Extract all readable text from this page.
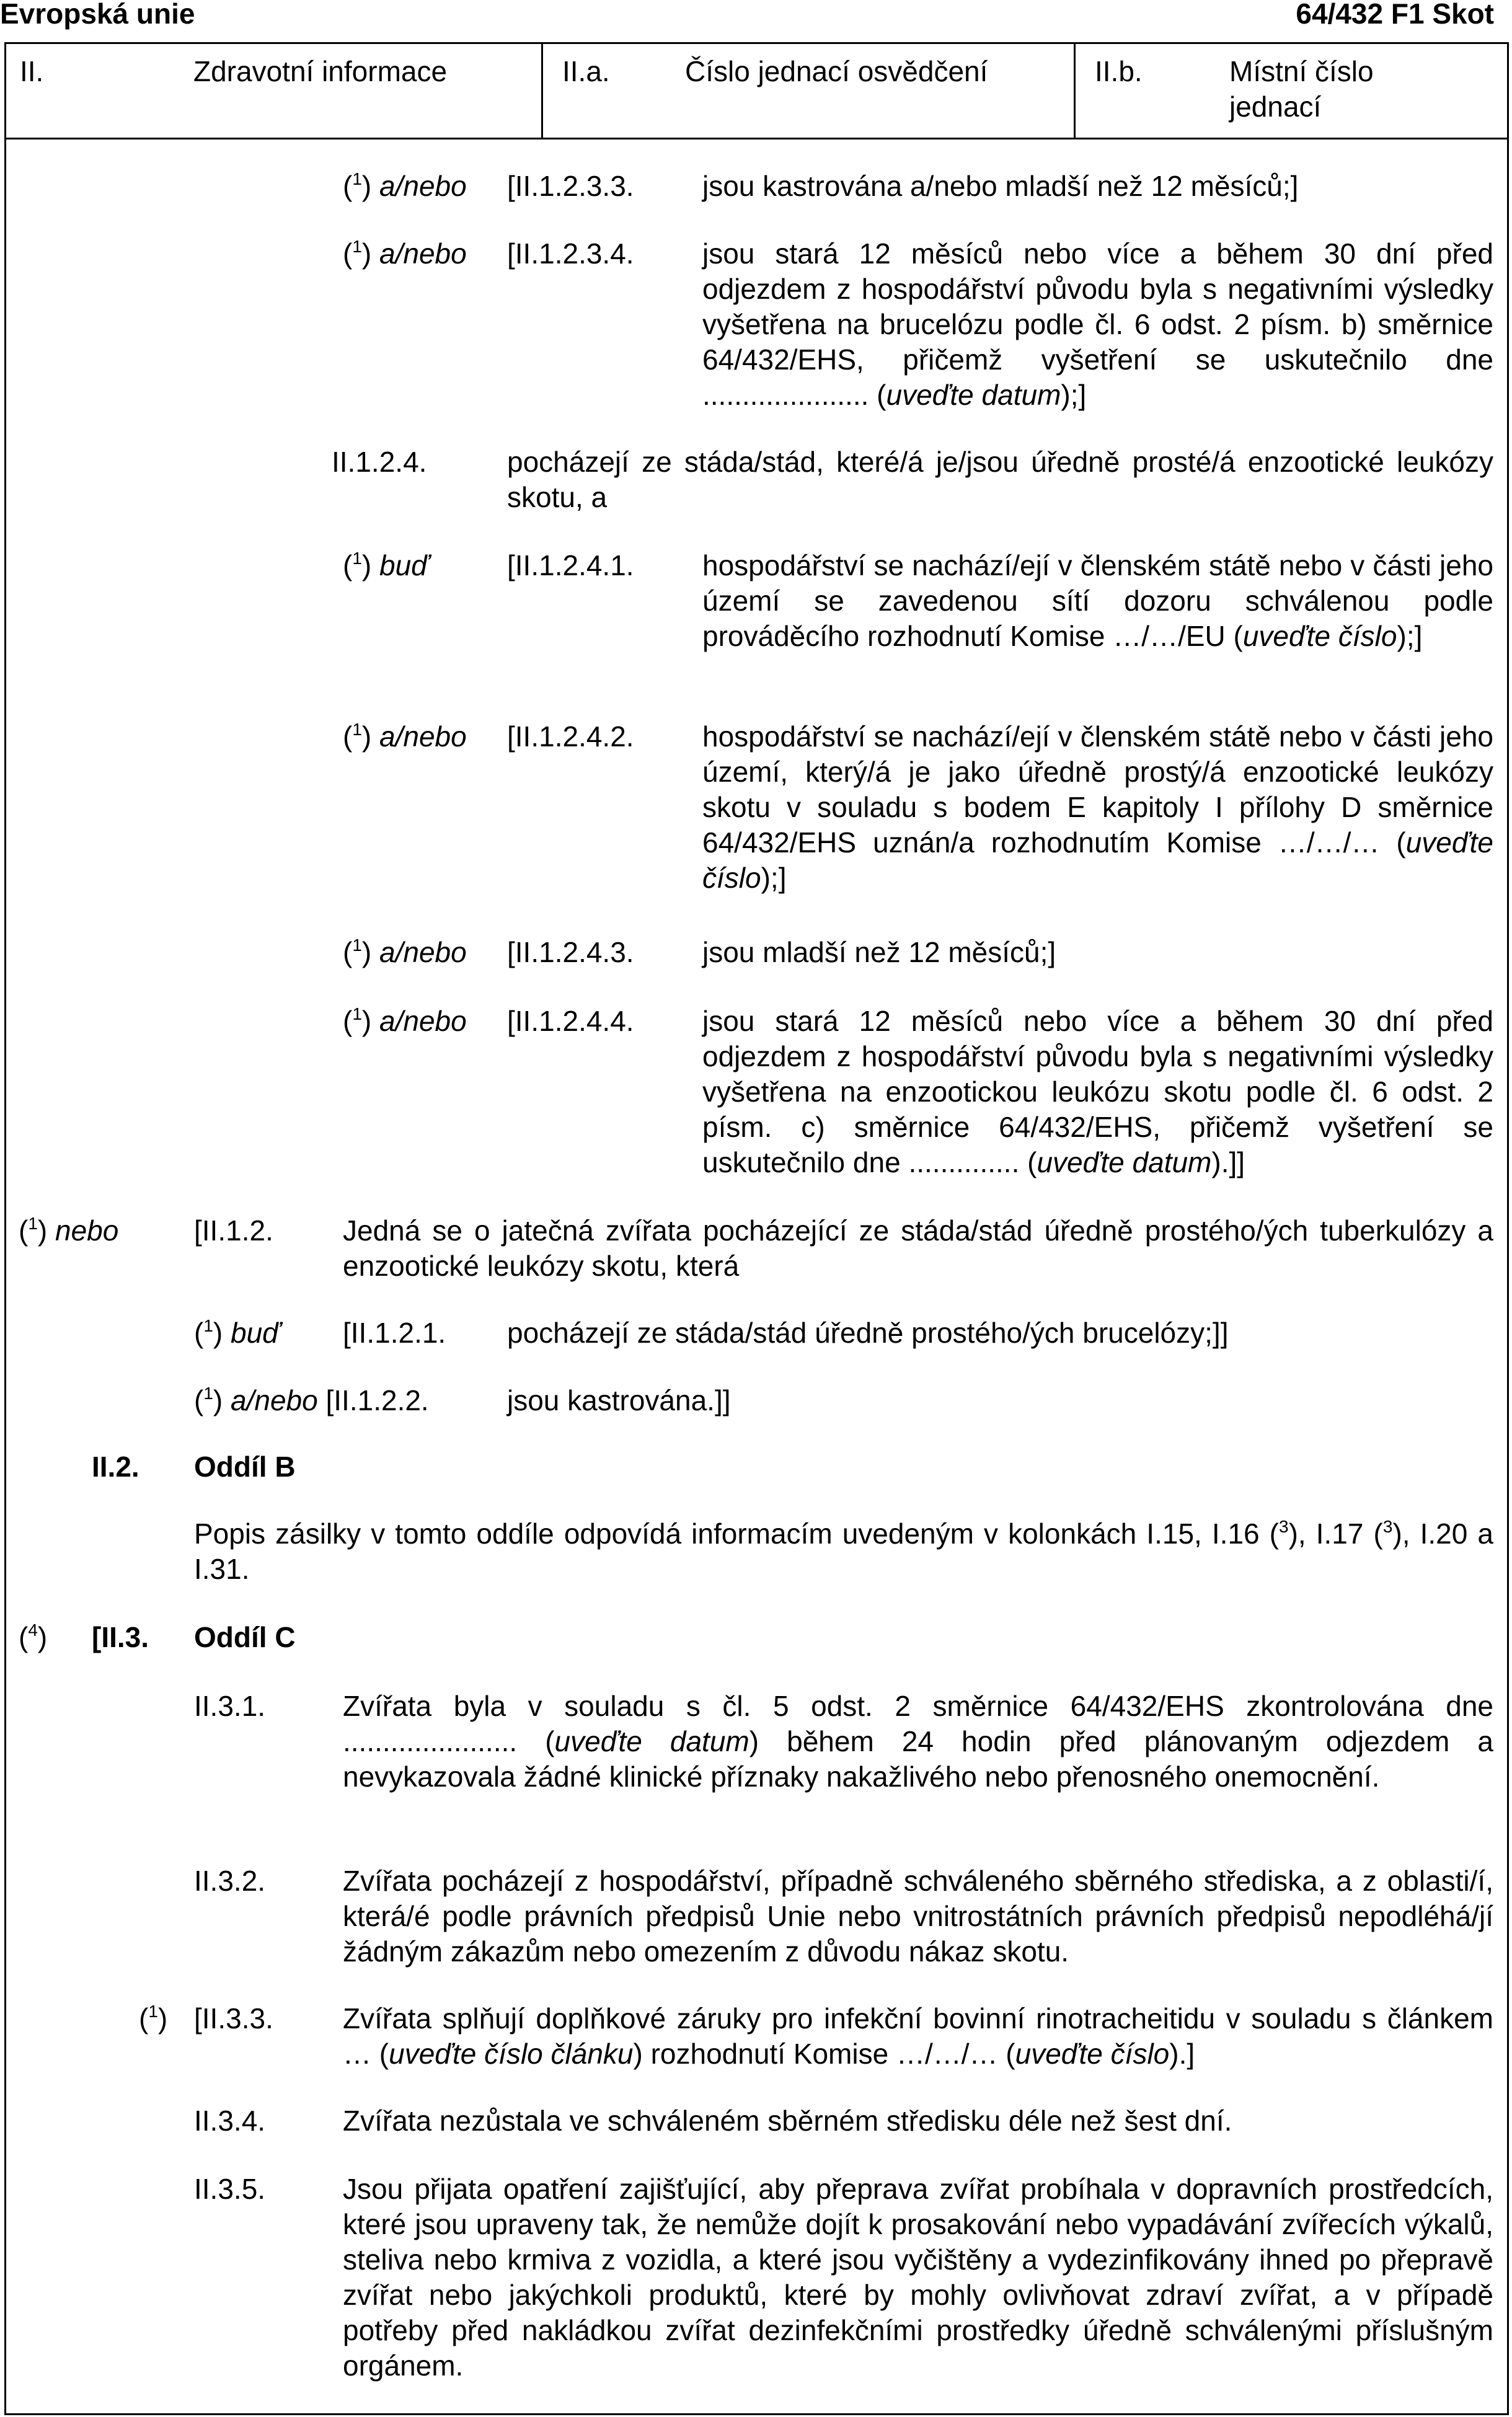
Evropská unie	64/432 F1 Skot
II.	Zdravotní informace	II.a.	Číslo jednací osvědčení	II.b.	Místní číslo
jednací
($^1$) a/nebo [II.1.2.3.3. jsou kastrována a/nebo mladší než 12 měsíců;]
($^1$) a/nebo [II.1.2.3.4. jsou stará 12 měsíců nebo více a během 30 dní před odjezdem z hospodářství původu byla s negativními výsledky vyšetřena na brucelózu podle čl. 6 odst. 2 písm. b) směrnice 64/432/EHS, přičemž vyšetření se uskutečnilo dne ..................... (uveďte datum);]
II.1.2.4.	pocházejí ze stáda/stád, které/á je/jsou úředně prosté/á enzootické leukózy skotu, a
($^1$) buď	[II.1.2.4.1. hospodářství se nachází/ejí v členském státě nebo v části jeho území se zavedenou sítí dozoru schválenou podle prováděcího rozhodnutí Komise …/…/EU (uveďte číslo);]
($^1$) a/nebo [II.1.2.4.2. hospodářství se nachází/ejí v členském státě nebo v části jeho území, který/á je jako úředně prostý/á enzootické leukózy skotu v souladu s bodem E kapitoly I přílohy D směrnice 64/432/EHS uznán/a rozhodnutím Komise …/…/… (uveďte číslo);]
($^1$) a/nebo [II.1.2.4.3. jsou mladší než 12 měsíců;]
($^1$) a/nebo [II.1.2.4.4. jsou stará 12 měsíců nebo více a během 30 dní před odjezdem z hospodářství původu byla s negativními výsledky vyšetřena na enzootickou leukózu skotu podle čl. 6 odst. 2 písm. c) směrnice 64/432/EHS, přičemž vyšetření se uskutečnilo dne .............. (uveďte datum).]]
($^1$) nebo	[II.1.2. Jedná se o jatečná zvířata pocházející ze stáda/stád úředně prostého/ých tuberkulózy a enzootické leukózy skotu, která
($^1$) buď [II.1.2.1. pocházejí ze stáda/stád úředně prostého/ých brucelózy;]]
($^1$) a/nebo [II.1.2.2.	jsou kastrována.]]
II.2. Oddíl B
Popis zásilky v tomto oddíle odpovídá informacím uvedeným v kolonkách I.15, I.16 ($^3$), I.17 ($^3$), I.20 a I.31.
($^4$) [II.3. Oddíl C
II.3.1.	Zvířata byla v souladu s čl. 5 odst. 2 směrnice 64/432/EHS zkontrolována dne ...................... (uveďte datum) během 24 hodin před plánovaným odjezdem a nevykazovala žádné klinické příznaky nakažlivého nebo přenosného onemocnění.
II.3.2.	Zvířata pocházejí z hospodářství, případně schváleného sběrného střediska, a z oblasti/í, která/é podle právních předpisů Unie nebo vnitrostátních právních předpisů nepodléhá/jí žádným zákazům nebo omezením z důvodu nákaz skotu.
($^1$) [II.3.3. Zvířata splňují doplňkové záruky pro infekční bovinní rinotracheitidu v souladu s článkem … (uveďte číslo článku) rozhodnutí Komise …/…/… (uveďte číslo).]
II.3.4.	Zvířata nezůstala ve schváleném sběrném středisku déle než šest dní.
II.3.5.	Jsou přijata opatření zajišťující, aby přeprava zvířat probíhala v dopravních prostředcích, které jsou upraveny tak, že nemůže dojít k prosakování nebo vypadávání zvířecích výkalů, steliva nebo krmiva z vozidla, a které jsou vyčištěny a vydezinfikovány ihned po přepravě zvířat nebo jakýchkoli produktů, které by mohly ovlivňovat zdraví zvířat, a v případě potřeby před nakládkou zvířat dezinfekčními prostředky úředně schválenými příslušným orgánem.
